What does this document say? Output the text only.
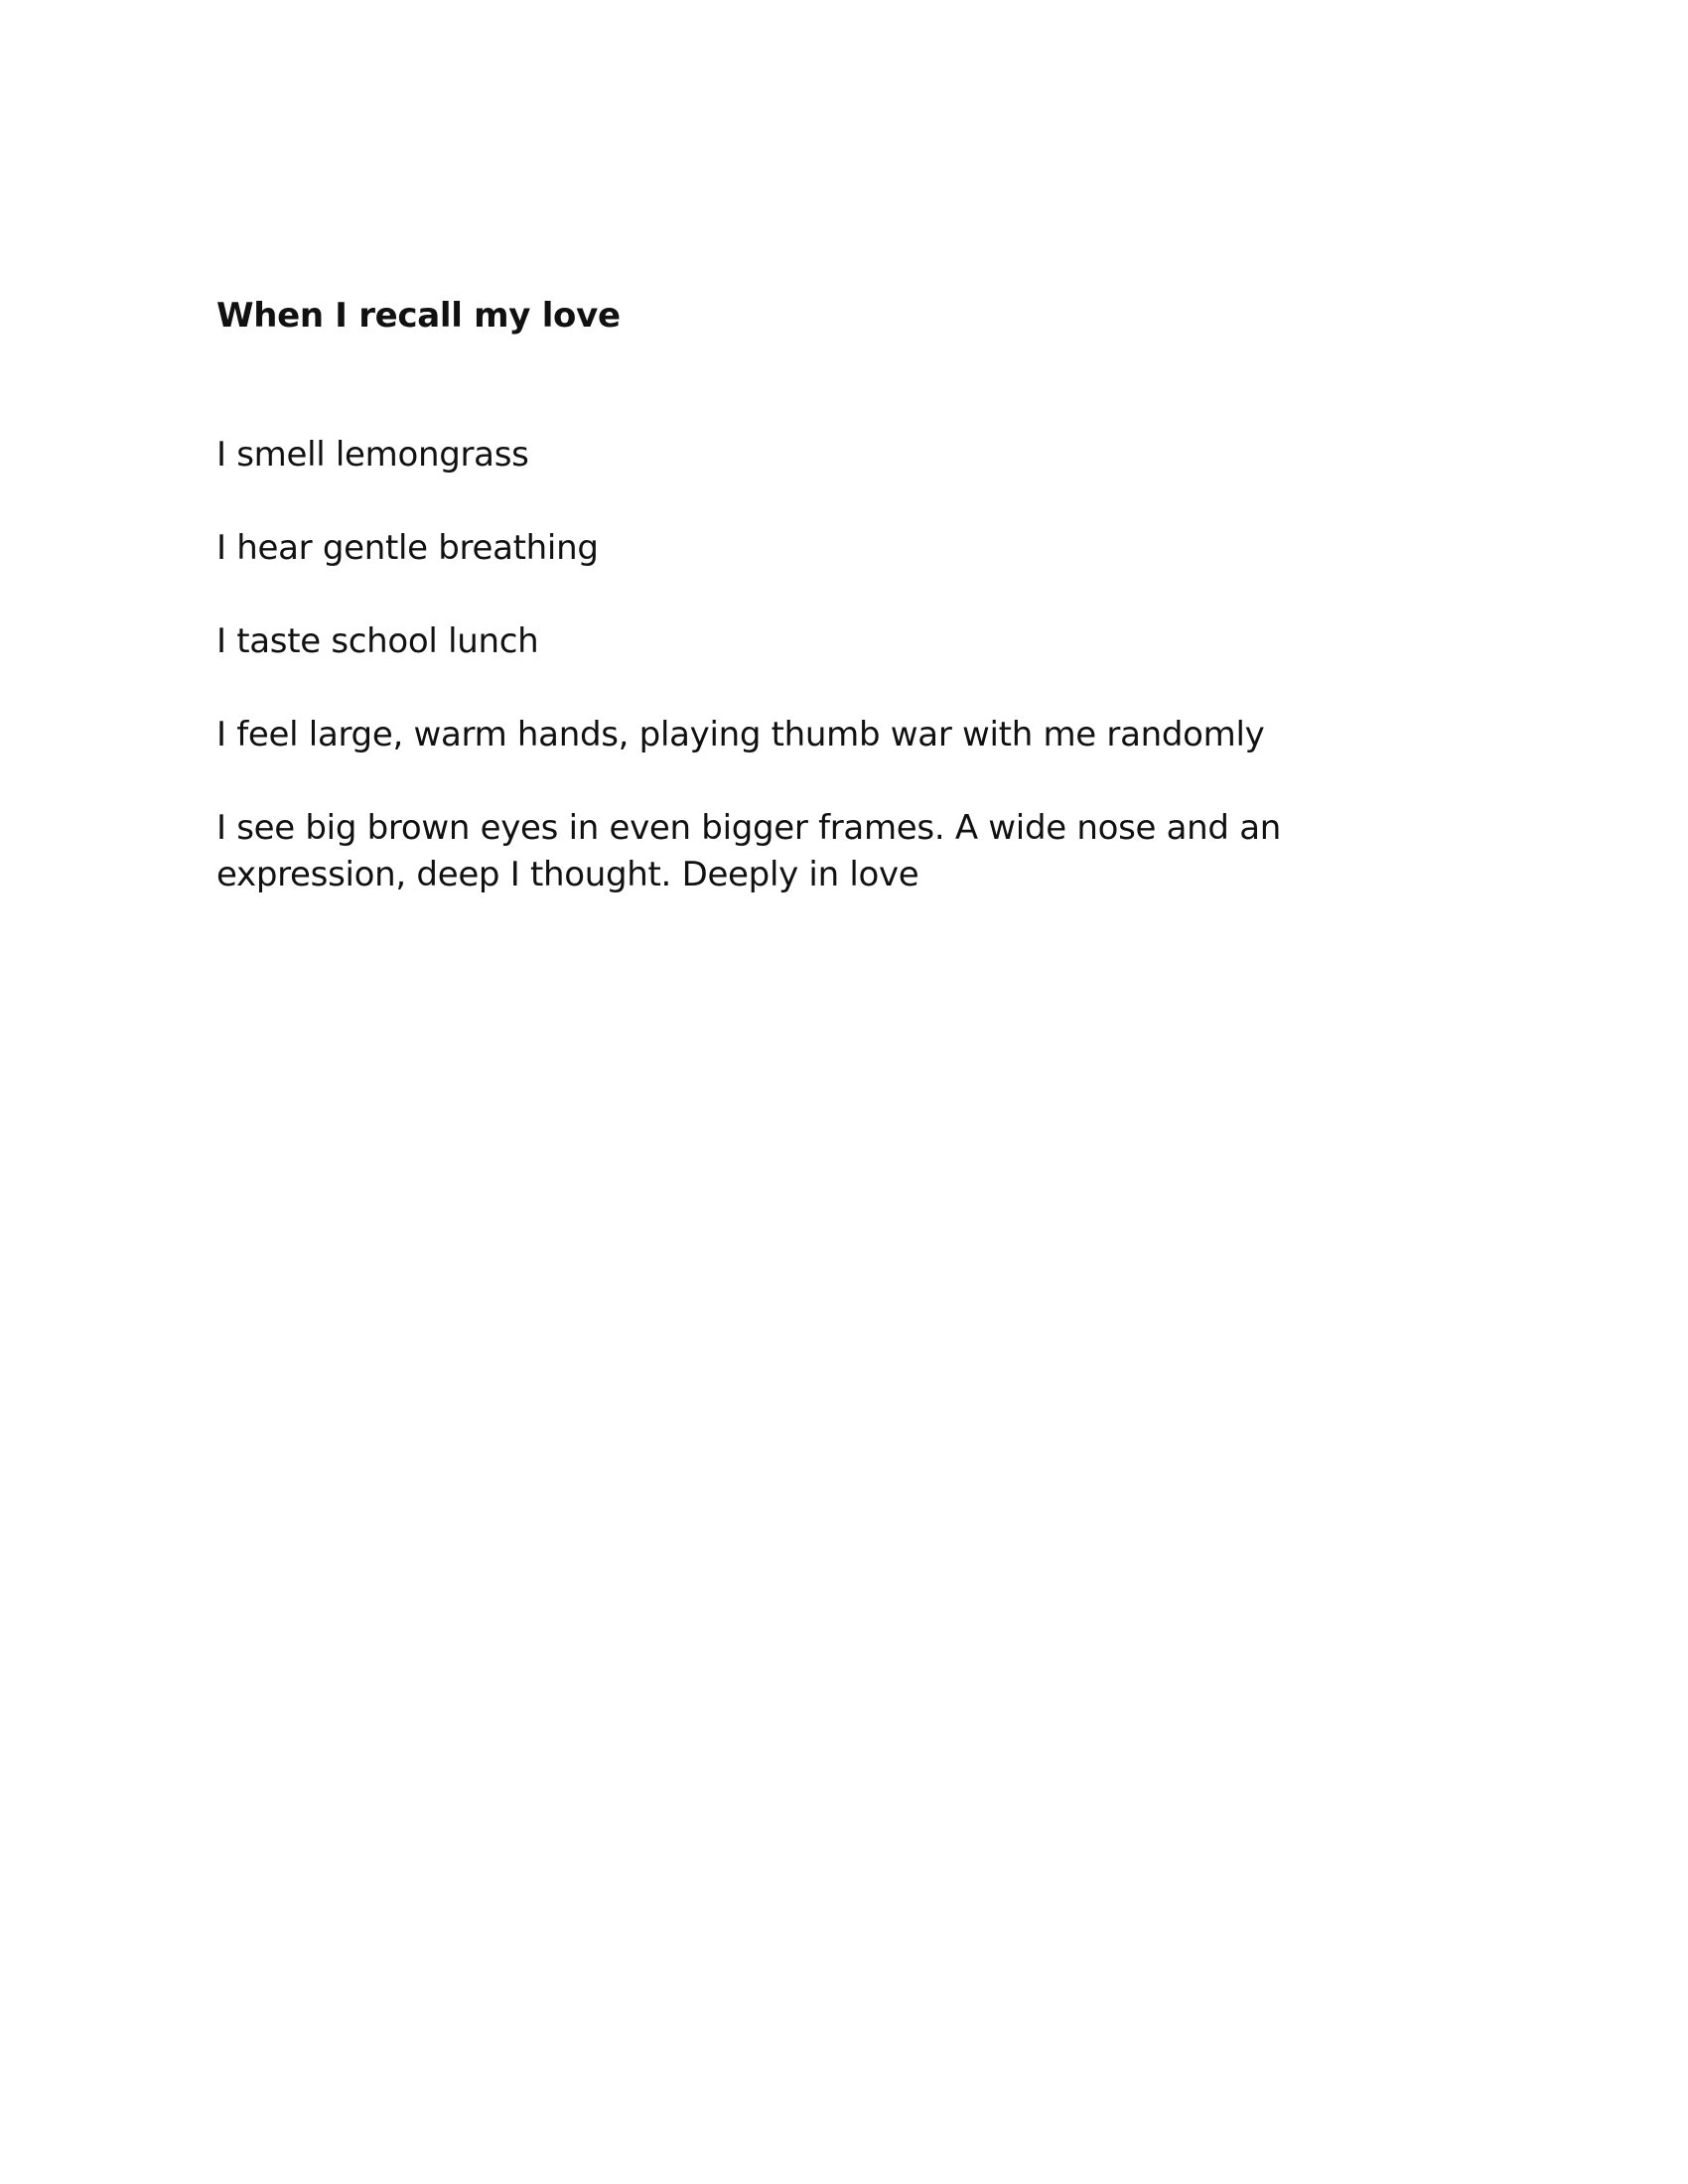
When I recall my love

I smell lemongrass

I hear gentle breathing

I taste school lunch

I feel large, warm hands, playing thumb war with me randomly

I see big brown eyes in even bigger frames. A wide nose and an expression, deep I thought. Deeply in love
